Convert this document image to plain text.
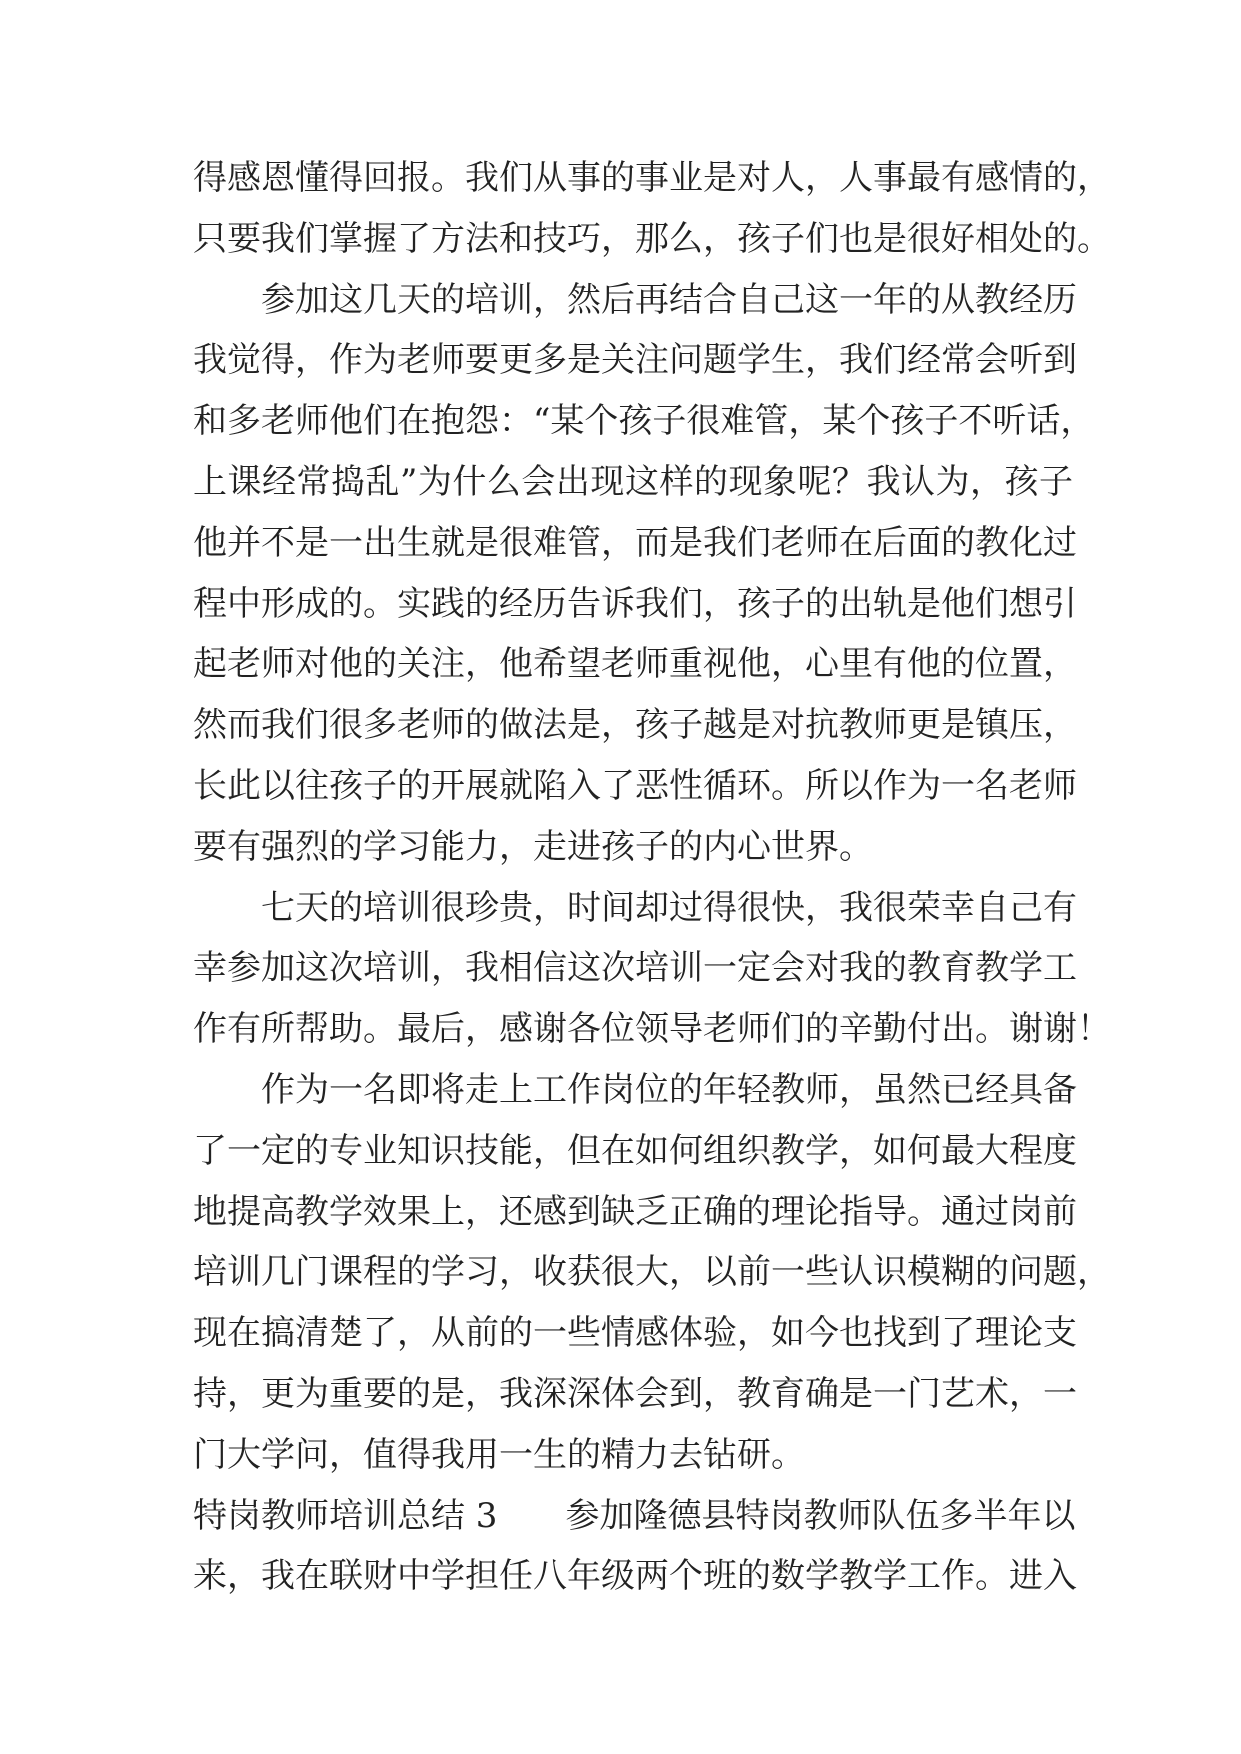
得感恩懂得回报。我们从事的事业是对人，人事最有感情的，
只要我们掌握了方法和技巧，那么，孩子们也是很好相处的。
参加这几天的培训，然后再结合自己这一年的从教经历
我觉得，作为老师要更多是关注问题学生，我们经常会听到
和多老师他们在抱怨：“某个孩子很难管，某个孩子不听话，
上课经常捣乱”为什么会出现这样的现象呢？我认为，孩子
他并不是一出生就是很难管，而是我们老师在后面的教化过
程中形成的。实践的经历告诉我们，孩子的出轨是他们想引
起老师对他的关注，他希望老师重视他，心里有他的位置，
然而我们很多老师的做法是，孩子越是对抗教师更是镇压，
长此以往孩子的开展就陷入了恶性循环。所以作为一名老师
要有强烈的学习能力，走进孩子的内心世界。
七天的培训很珍贵，时间却过得很快，我很荣幸自己有
幸参加这次培训，我相信这次培训一定会对我的教育教学工
作有所帮助。最后，感谢各位领导老师们的辛勤付出。谢谢！
作为一名即将走上工作岗位的年轻教师，虽然已经具备
了一定的专业知识技能，但在如何组织教学，如何最大程度
地提高教学效果上，还感到缺乏正确的理论指导。通过岗前
培训几门课程的学习，收获很大，以前一些认识模糊的问题，
现在搞清楚了，从前的一些情感体验，如今也找到了理论支
持，更为重要的是，我深深体会到，教育确是一门艺术，一
门大学问，值得我用一生的精力去钻研。
特岗教师培训总结 3　　参加隆德县特岗教师队伍多半年以
来，我在联财中学担任八年级两个班的数学教学工作。进入
